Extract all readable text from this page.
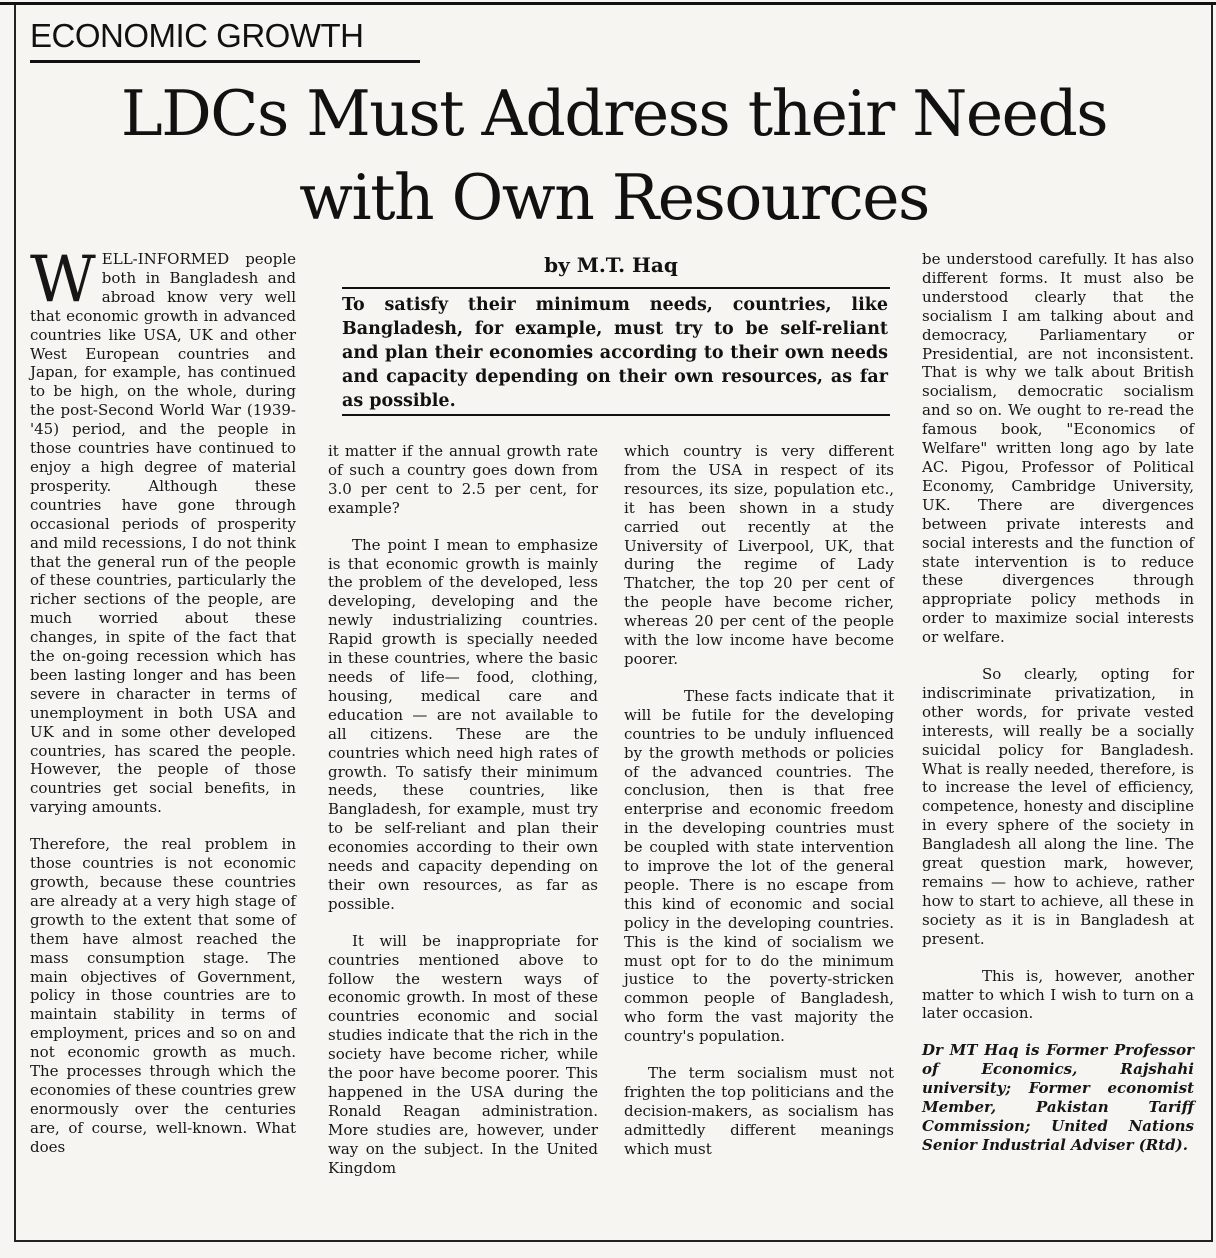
ECONOMIC GROWTH
LDCs Must Address their Needs
with Own Resources

WELL-INFORMED people both in Bangladesh and abroad know very well that economic growth in advanced countries like USA, UK and other West European countries and Japan, for example, has continued to be high, on the whole, during the post-Second World War (1939-'45) period, and the people in those countries have continued to enjoy a high degree of material prosperity. Although these countries have gone through occasional periods of prosperity and mild recessions, I do not think that the general run of the people of these countries, particularly the richer sections of the people, are much worried about these changes, in spite of the fact that the on-going recession which has been lasting longer and has been severe in character in terms of unemployment in both USA and UK and in some other developed countries, has scared the people. However, the people of those countries get social benefits, in varying amounts.

Therefore, the real problem in those countries is not economic growth, because these countries are already at a very high stage of growth to the extent that some of them have almost reached the mass consumption stage. The main objectives of Government, policy in those countries are to maintain stability in terms of employment, prices and so on and not economic growth as much. The processes through which the economies of these countries grew enormously over the centuries are, of course, well-known. What does

by M.T. Haq

To satisfy their minimum needs, countries, like Bangladesh, for example, must try to be self-reliant and plan their economies according to their own needs and capacity depending on their own resources, as far as possible.

it matter if the annual growth rate of such a country goes down from 3.0 per cent to 2.5 per cent, for example?

The point I mean to emphasize is that economic growth is mainly the problem of the developed, less developing, developing and the newly industrializing countries. Rapid growth is specially needed in these countries, where the basic needs of life— food, clothing, housing, medical care and education — are not available to all citizens. These are the countries which need high rates of growth. To satisfy their minimum needs, these countries, like Bangladesh, for example, must try to be self-reliant and plan their economies according to their own needs and capacity depending on their own resources, as far as possible.

It will be inappropriate for countries mentioned above to follow the western ways of economic growth. In most of these countries economic and social studies indicate that the rich in the society have become richer, while the poor have become poorer. This happened in the USA during the Ronald Reagan administration. More studies are, however, under way on the subject. In the United Kingdom

which country is very different from the USA in respect of its resources, its size, population etc., it has been shown in a study carried out recently at the University of Liverpool, UK, that during the regime of Lady Thatcher, the top 20 per cent of the people have become richer, whereas 20 per cent of the people with the low income have become poorer.

These facts indicate that it will be futile for the developing countries to be unduly influenced by the growth methods or policies of the advanced countries. The conclusion, then is that free enterprise and economic freedom in the developing countries must be coupled with state intervention to improve the lot of the general people. There is no escape from this kind of economic and social policy in the developing countries. This is the kind of socialism we must opt for to do the minimum justice to the poverty-stricken common people of Bangladesh, who form the vast majority the country's population.

The term socialism must not frighten the top politicians and the decision-makers, as socialism has admittedly different meanings which must

be understood carefully. It has also different forms. It must also be understood clearly that the socialism I am talking about and democracy, Parliamentary or Presidential, are not inconsistent. That is why we talk about British socialism, democratic socialism and so on. We ought to re-read the famous book, "Economics of Welfare" written long ago by late AC. Pigou, Professor of Political Economy, Cambridge University, UK. There are divergences between private interests and social interests and the function of state intervention is to reduce these divergences through appropriate policy methods in order to maximize social interests or welfare.

So clearly, opting for indiscriminate privatization, in other words, for private vested interests, will really be a socially suicidal policy for Bangladesh. What is really needed, therefore, is to increase the level of efficiency, competence, honesty and discipline in every sphere of the society in Bangladesh all along the line. The great question mark, however, remains — how to achieve, rather how to start to achieve, all these in society as it is in Bangladesh at present.

This is, however, another matter to which I wish to turn on a later occasion.

Dr MT Haq is Former Professor of Economics, Rajshahi university; Former economist Member, Pakistan Tariff Commission; United Nations Senior Industrial Adviser (Rtd).
